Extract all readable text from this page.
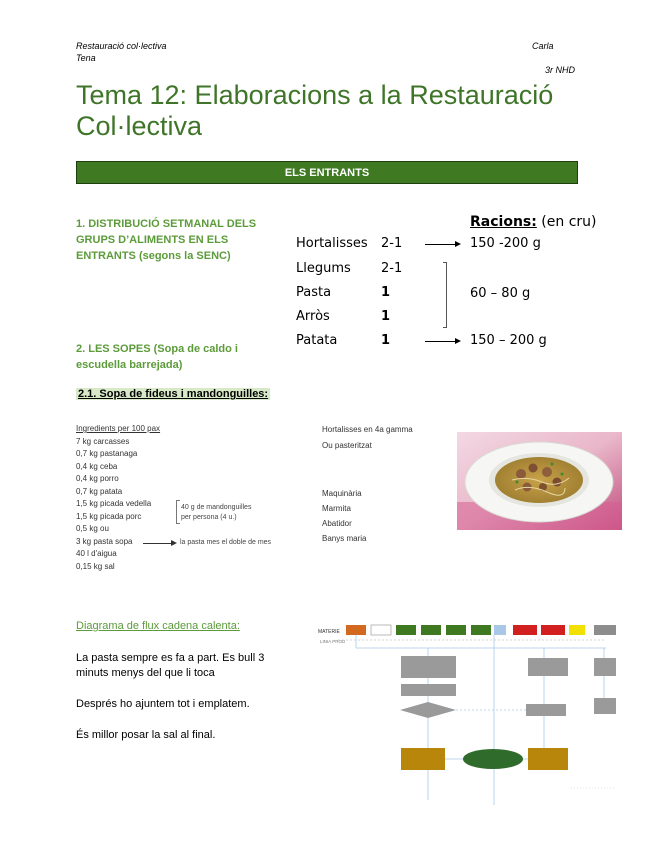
Restauració col·lectiva
Tena
Carla
3r NHD
Tema 12: Elaboracions a la Restauració
Col·lectiva
ELS ENTRANTS
1. DISTRIBUCIÓ SETMANAL DELS
GRUPS D’ALIMENTS EN ELS
ENTRANTS (segons la SENC)
Racions: (en cru)
Hortalisses 2-1	150 -200 g
Llegums 2-1
Pasta	1	60 – 80 g
Arròs	1
Patata	1	150 – 200 g
2. LES SOPES (Sopa de caldo i
escudella barrejada)
2.1. Sopa de fideus i mandonguilles:
Ingredients per 100 pax
7 kg carcasses
0,7 kg pastanaga
0,4 kg ceba
0,4 kg porro
0,7 kg patata
1,5 kg picada vedella
1,5 kg picada porc
0,5 kg ou
3 kg pasta sopa
40 l d'aigua
0,15 kg sal
40 g de mandonguilles
per persona (4 u.)
la pasta mes el doble de mes
Hortalisses en 4a gamma
Ou pasteritzat
Maquinària
Marmita
Abatidor
Banys maria
Diagrama de flux cadena calenta:
La pasta sempre es fa a part. Es bull 3
minuts menys del que li toca
Després ho ajuntem tot i emplatem.
És millor posar la sal al final.
MATERIE
LINIA PROD
